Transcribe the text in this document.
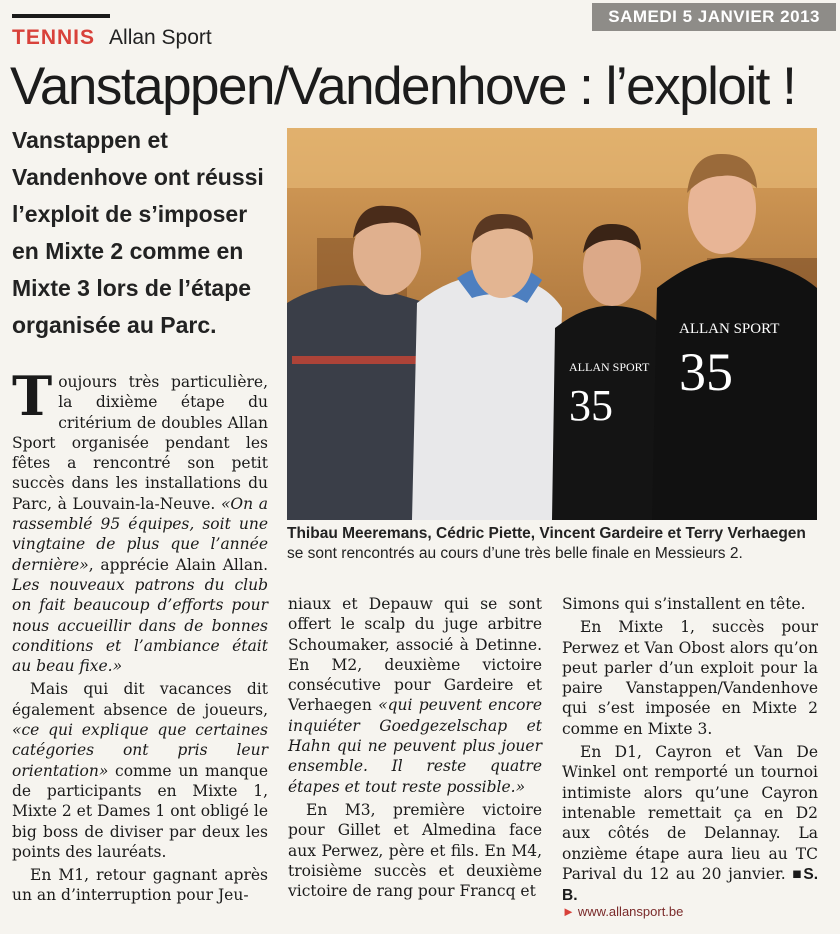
SAMEDI 5 JANVIER 2013
TENNIS Allan Sport
Vanstappen/Vandenhove : l’exploit !
Vanstappen et Vandenhove ont réussi l’exploit de s’imposer en Mixte 2 comme en Mixte 3 lors de l’étape organisée au Parc.
ALLAN SPORT
35
ALLAN SPORT
35
Thibau Meeremans, Cédric Piette, Vincent Gardeire et Terry Verhaegen
se sont rencontrés au cours d’une très belle finale en Messieurs 2.

Toujours très particulière, la dixième étape du critérium de doubles Allan Sport organisée pendant les fêtes a rencontré son petit succès dans les installations du Parc, à Louvain-la-Neuve. «On a rassemblé 95 équipes, soit une vingtaine de plus que l’année dernière», apprécie Alain Allan. Les nouveaux patrons du club on fait beaucoup d’efforts pour nous accueillir dans de bonnes conditions et l’ambiance était au beau fixe.»

Mais qui dit vacances dit également absence de joueurs, «ce qui explique que certaines catégories ont pris leur orientation» comme un manque de participants en Mixte 1, Mixte 2 et Dames 1 ont obligé le big boss de diviser par deux les points des lauréats.

En M1, retour gagnant après un an d’interruption pour Jeu-

niaux et Depauw qui se sont offert le scalp du juge arbitre Schoumaker, associé à Detinne. En M2, deuxième victoire consécutive pour Gardeire et Verhaegen «qui peuvent encore inquiéter Goedgezelschap et Hahn qui ne peuvent plus jouer ensemble. Il reste quatre étapes et tout reste possible.»

En M3, première victoire pour Gillet et Almedina face aux Perwez, père et fils. En M4, troisième succès et deuxième victoire de rang pour Francq et

Simons qui s’installent en tête.

En Mixte 1, succès pour Perwez et Van Obost alors qu’on peut parler d’un exploit pour la paire Vanstappen/Vandenhove qui s’est imposée en Mixte 2 comme en Mixte 3.

En D1, Cayron et Van De Winkel ont remporté un tournoi intimiste alors qu’une Cayron intenable remettait ça en D2 aux côtés de Delannay. La onzième étape aura lieu au TC Parival du 12 au 20 janvier. ■S. B.

► www.allansport.be
